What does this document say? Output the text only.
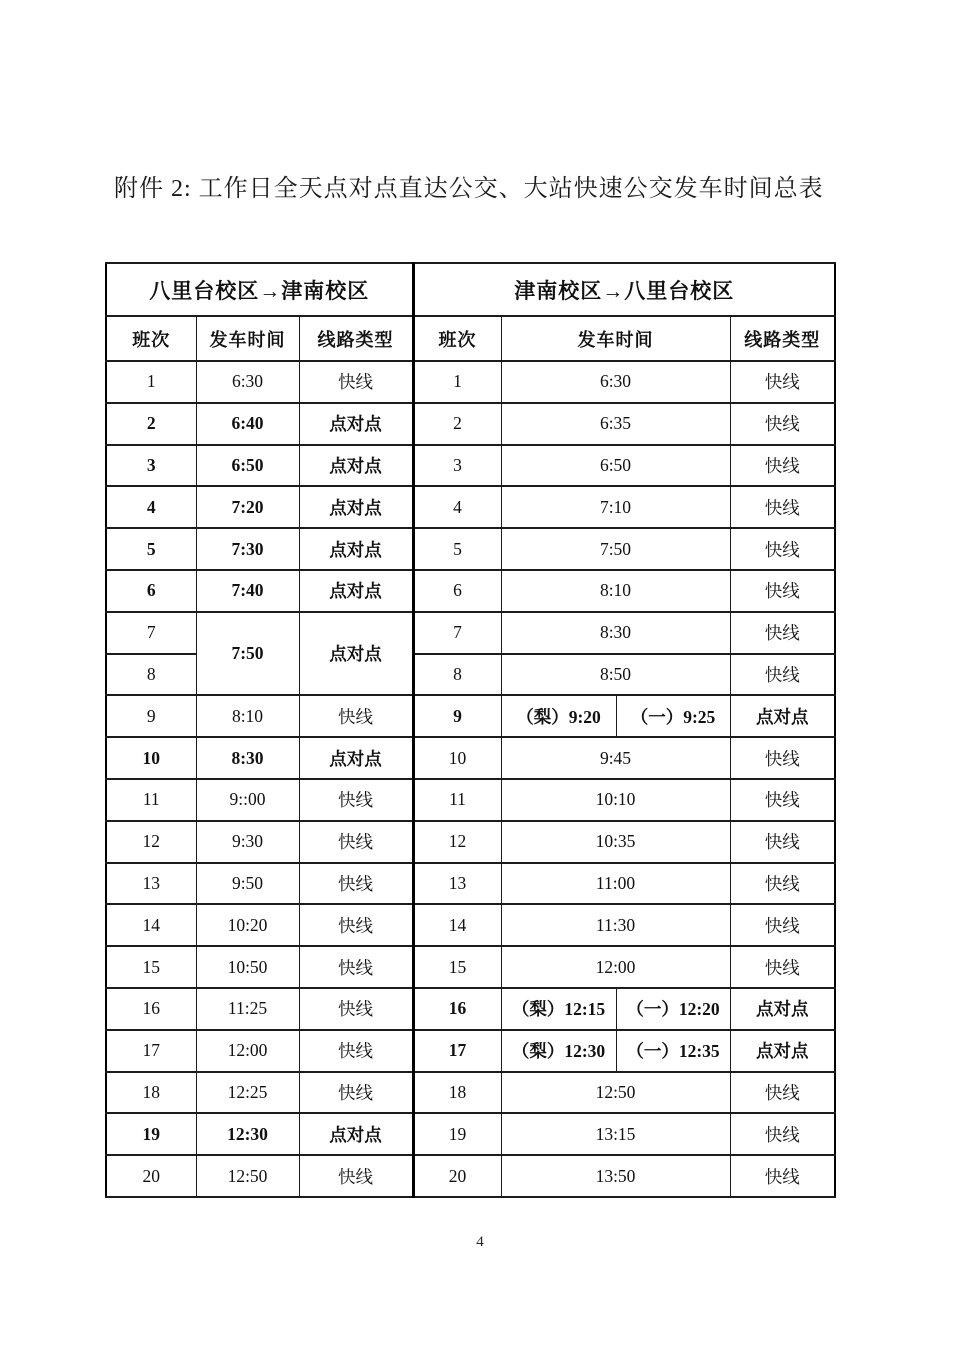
附件 2: 工作日全天点对点直达公交、大站快速公交发车时间总表
八里台校区→津南校区			津南校区→八里台校区			
班次	发车时间	线路类型	班次	发车时间		线路类型
1	6:30	快线	1	6:30		快线
2	6:40	点对点	2	6:35		快线
3	6:50	点对点	3	6:50		快线
4	7:20	点对点	4	7:10		快线
5	7:30	点对点	5	7:50		快线
6	7:40	点对点	6	8:10		快线
7	7:50	点对点	7	8:30		快线
8			8	8:50		快线
9	8:10	快线	9	（梨）9:20	（一）9:25	点对点
10	8:30	点对点	10	9:45		快线
11	9::00	快线	11	10:10		快线
12	9:30	快线	12	10:35		快线
13	9:50	快线	13	11:00		快线
14	10:20	快线	14	11:30		快线
15	10:50	快线	15	12:00		快线
16	11:25	快线	16	（梨）12:15	（一）12:20	点对点
17	12:00	快线	17	（梨）12:30	（一）12:35	点对点
18	12:25	快线	18	12:50		快线
19	12:30	点对点	19	13:15		快线
20	12:50	快线	20	13:50		快线
4
